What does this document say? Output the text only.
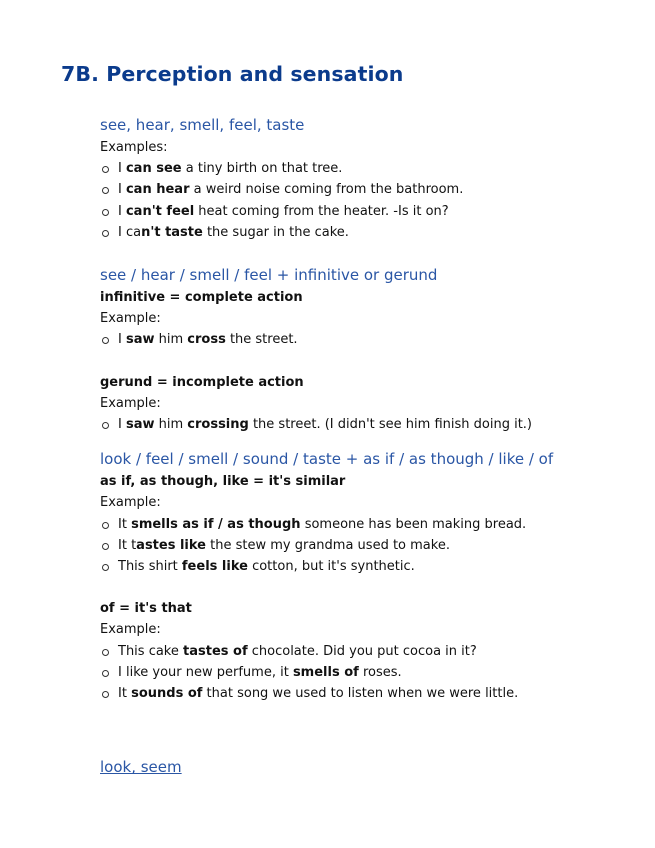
7B. Perception and sensation
see, hear, smell, feel, taste

Examples:

I can see a tiny birth on that tree.
I can hear a weird noise coming from the bathroom.
I can't feel heat coming from the heater. -Is it on?
I can't taste the sugar in the cake.
see / hear / smell / feel + infinitive or gerund

infinitive = complete action

Example:

I saw him cross the street.

gerund = incomplete action

Example:

I saw him crossing the street. (I didn't see him finish doing it.)
look / feel / smell / sound / taste + as if / as though / like / of

as if, as though, like = it's similar

Example:

It smells as if / as though someone has been making bread.
It tastes like the stew my grandma used to make.
This shirt feels like cotton, but it's synthetic.

of = it's that

Example:

This cake tastes of chocolate. Did you put cocoa in it?
I like your new perfume, it smells of roses.
It sounds of that song we used to listen when we were little.
look, seem
